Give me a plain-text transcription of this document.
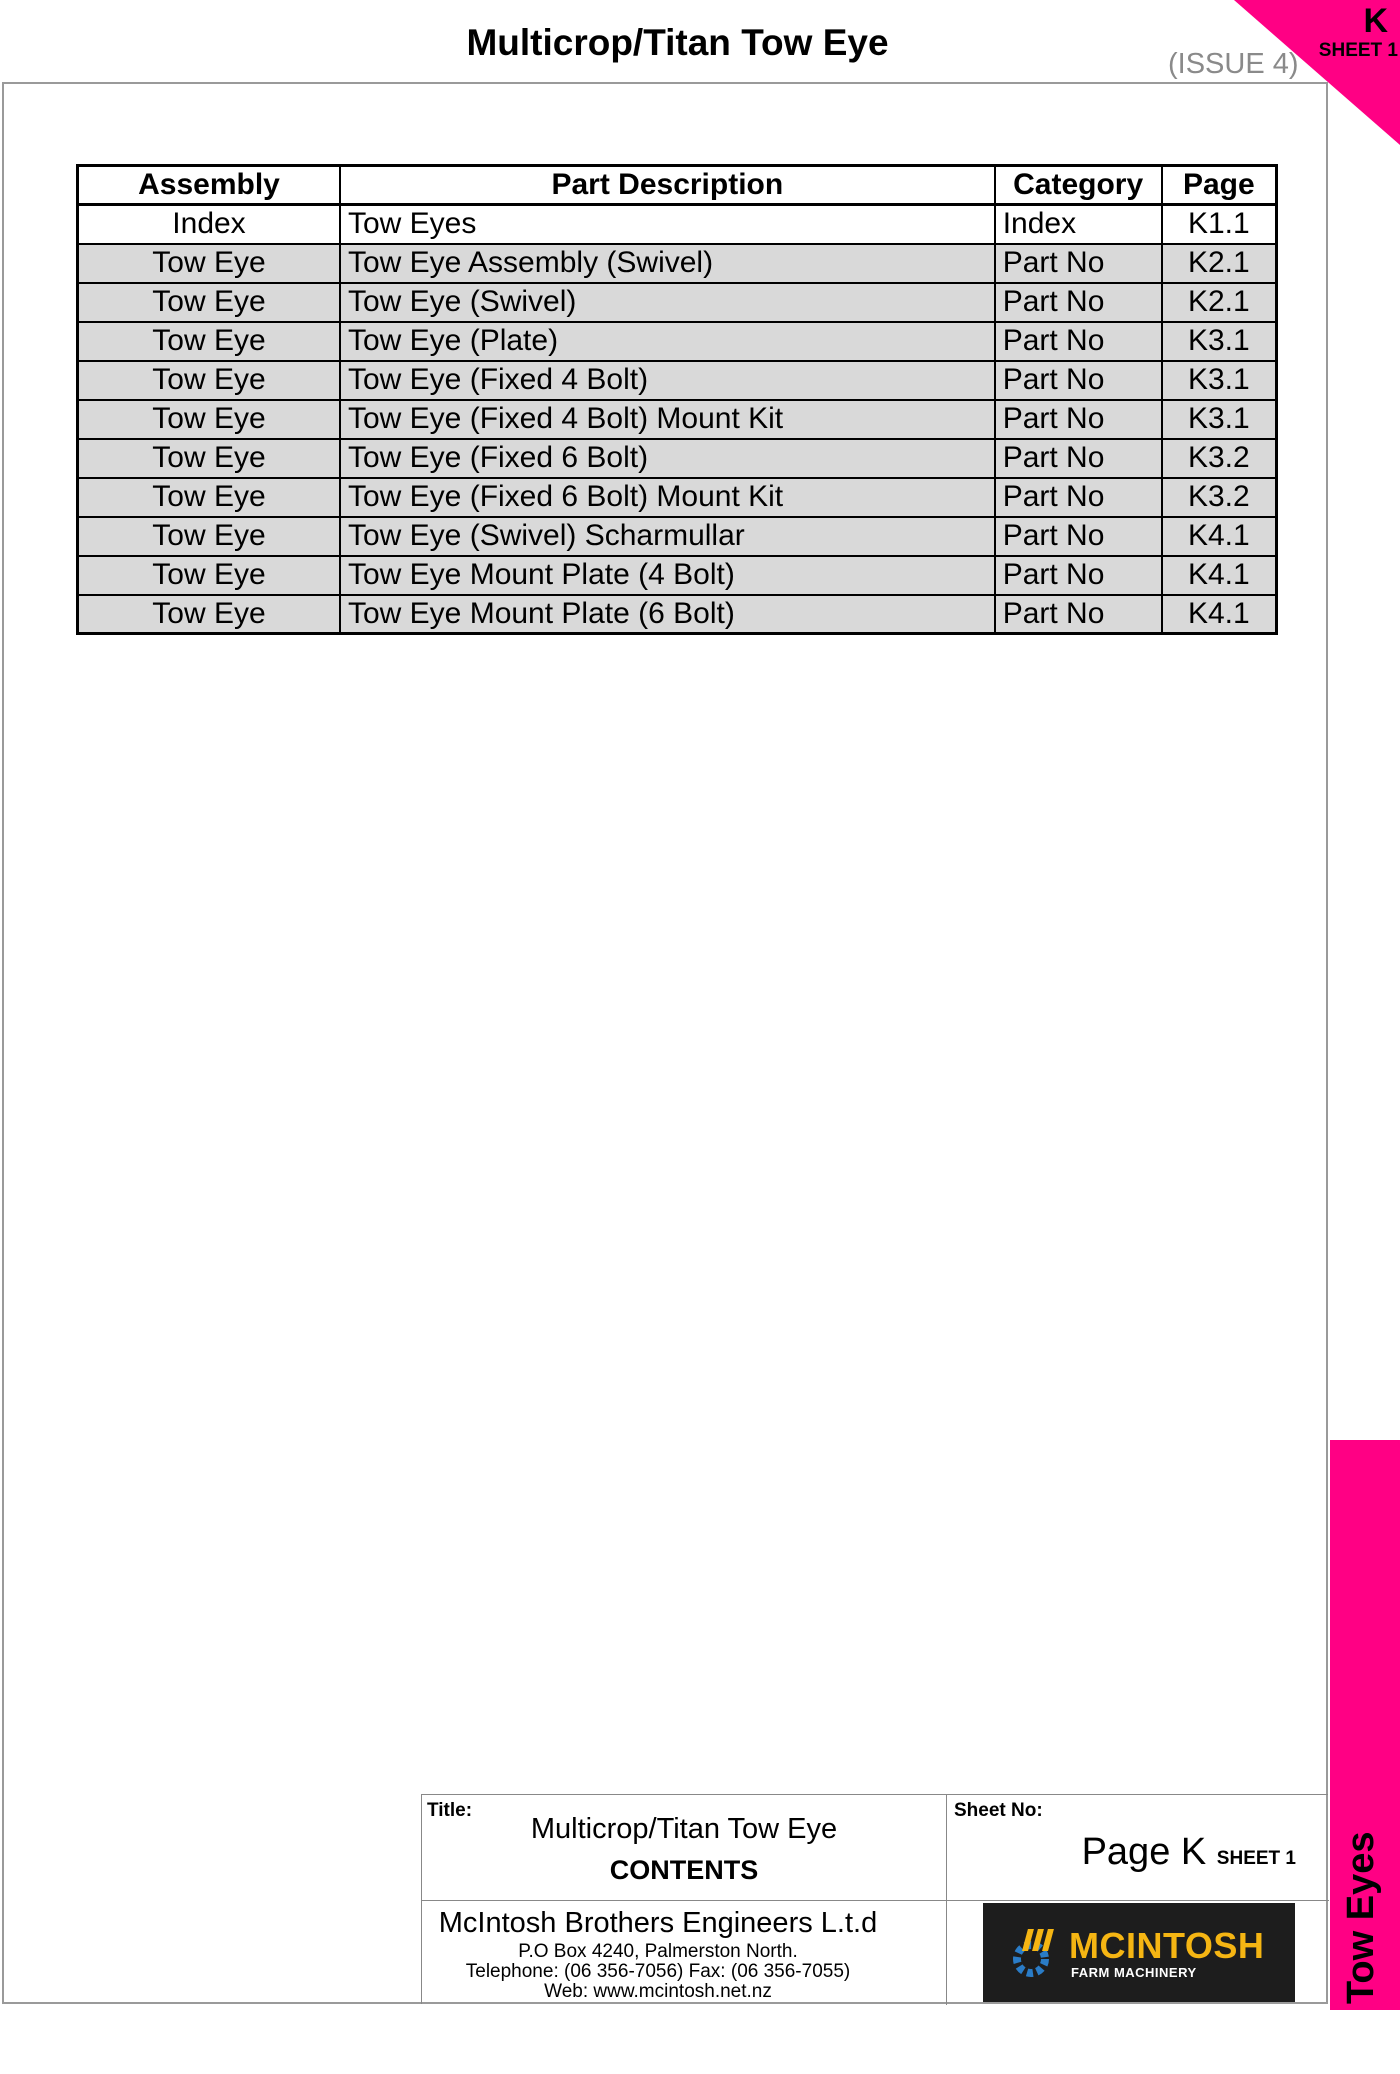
Multicrop/Titan Tow Eye
(ISSUE 4)
K
SHEET 1
Tow Eyes
Assembly	Part Description	Category	Page
Index	Tow Eyes	Index	K1.1
Tow Eye	Tow Eye Assembly (Swivel)	Part No	K2.1
Tow Eye	Tow Eye (Swivel)	Part No	K2.1
Tow Eye	Tow Eye (Plate)	Part No	K3.1
Tow Eye	Tow Eye (Fixed 4 Bolt)	Part No	K3.1
Tow Eye	Tow Eye (Fixed 4 Bolt) Mount Kit	Part No	K3.1
Tow Eye	Tow Eye (Fixed 6 Bolt)	Part No	K3.2
Tow Eye	Tow Eye (Fixed 6 Bolt) Mount Kit	Part No	K3.2
Tow Eye	Tow Eye (Swivel) Scharmullar	Part No	K4.1
Tow Eye	Tow Eye Mount Plate (4 Bolt)	Part No	K4.1
Tow Eye	Tow Eye Mount Plate (6 Bolt)	Part No	K4.1
Title:
Multicrop/Titan Tow Eye
CONTENTS
Sheet No:
Page K SHEET 1
McIntosh Brothers Engineers L.t.d
P.O Box 4240, Palmerston North.
Telephone: (06 356-7056) Fax: (06 356-7055)
Web: www.mcintosh.net.nz
MCINTOSH
FARM MACHINERY
